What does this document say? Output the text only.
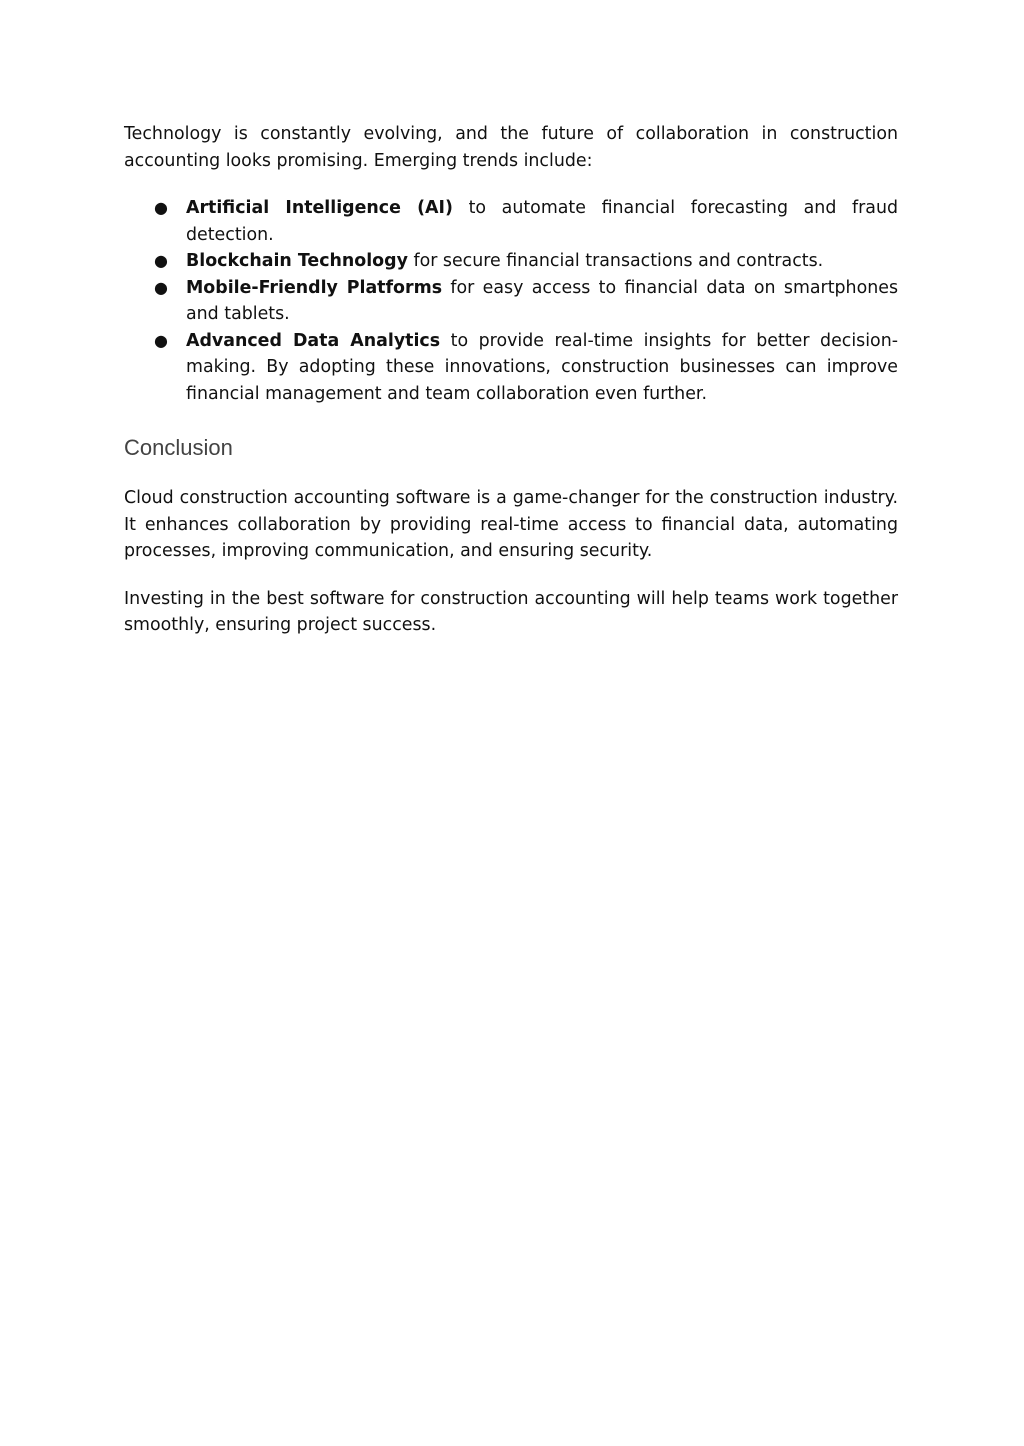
Technology is constantly evolving, and the future of collaboration in construction accounting looks promising. Emerging trends include:

● Artificial Intelligence (AI) to automate financial forecasting and fraud detection.
● Blockchain Technology for secure financial transactions and contracts.
● Mobile-Friendly Platforms for easy access to financial data on smartphones and tablets.
● Advanced Data Analytics to provide real-time insights for better decision-making. By adopting these innovations, construction businesses can improve financial management and team collaboration even further.
Conclusion

Cloud construction accounting software is a game-changer for the construction industry. It enhances collaboration by providing real-time access to financial data, automating processes, improving communication, and ensuring security.

Investing in the best software for construction accounting will help teams work together smoothly, ensuring project success.
